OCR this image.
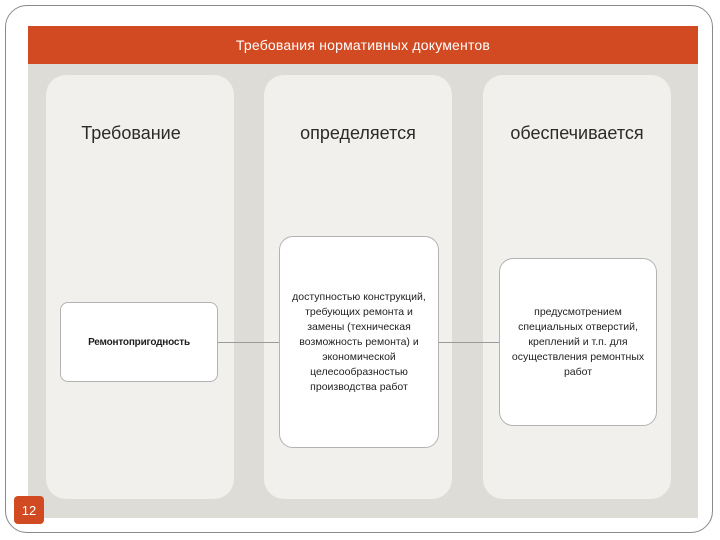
Требования нормативных документов
Требование	определяется	обеспечивается
Ремонтопригодность
доступностью конструкций, требующих ремонта и замены (техническая возможность ремонта) и экономической целесообразностью производства работ
предусмотрением специальных отверстий, креплений и т.п. для осуществления ремонтных работ
12
